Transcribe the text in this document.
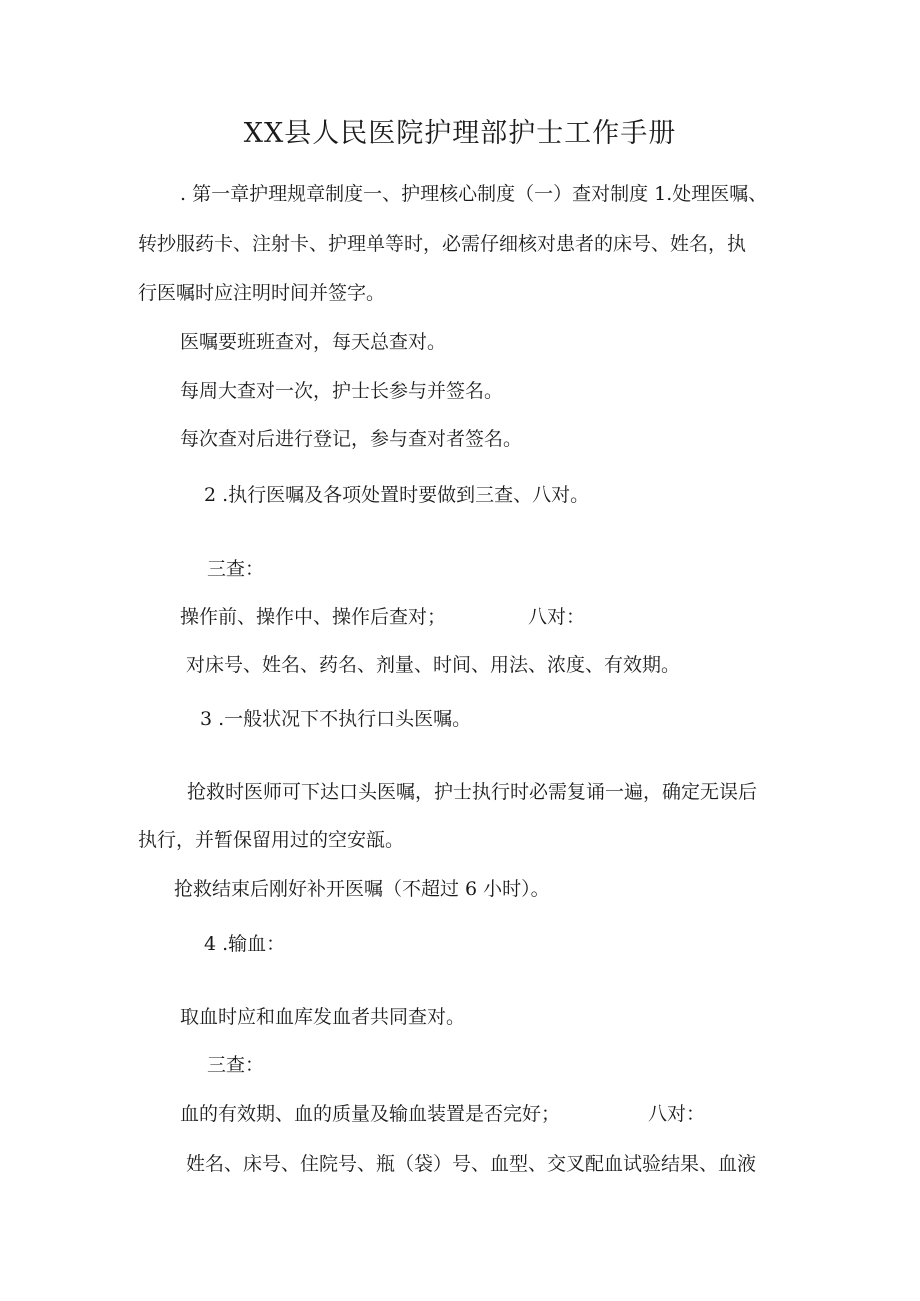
XX县人民医院护理部护士工作手册
. 第一章护理规章制度一、护理核心制度（一）查对制度 1.处理医嘱、
转抄服药卡、注射卡、护理单等时，必需仔细核对患者的床号、姓名，执
行医嘱时应注明时间并签字。
医嘱要班班查对，每天总查对。
每周大查对一次，护士长参与并签名。
每次查对后进行登记，参与查对者签名。
2 .执行医嘱及各项处置时要做到三查、八对。
三查：
操作前、操作中、操作后查对；	八对：
对床号、姓名、药名、剂量、时间、用法、浓度、有效期。
3 .一般状况下不执行口头医嘱。
抢救时医师可下达口头医嘱，护士执行时必需复诵一遍，确定无误后
执行，并暂保留用过的空安瓿。
抢救结束后刚好补开医嘱（不超过 6 小时）。
4 .输血：
取血时应和血库发血者共同查对。
三查：
血的有效期、血的质量及输血装置是否完好；	八对：
姓名、床号、住院号、瓶（袋）号、血型、交叉配血试验结果、血液
